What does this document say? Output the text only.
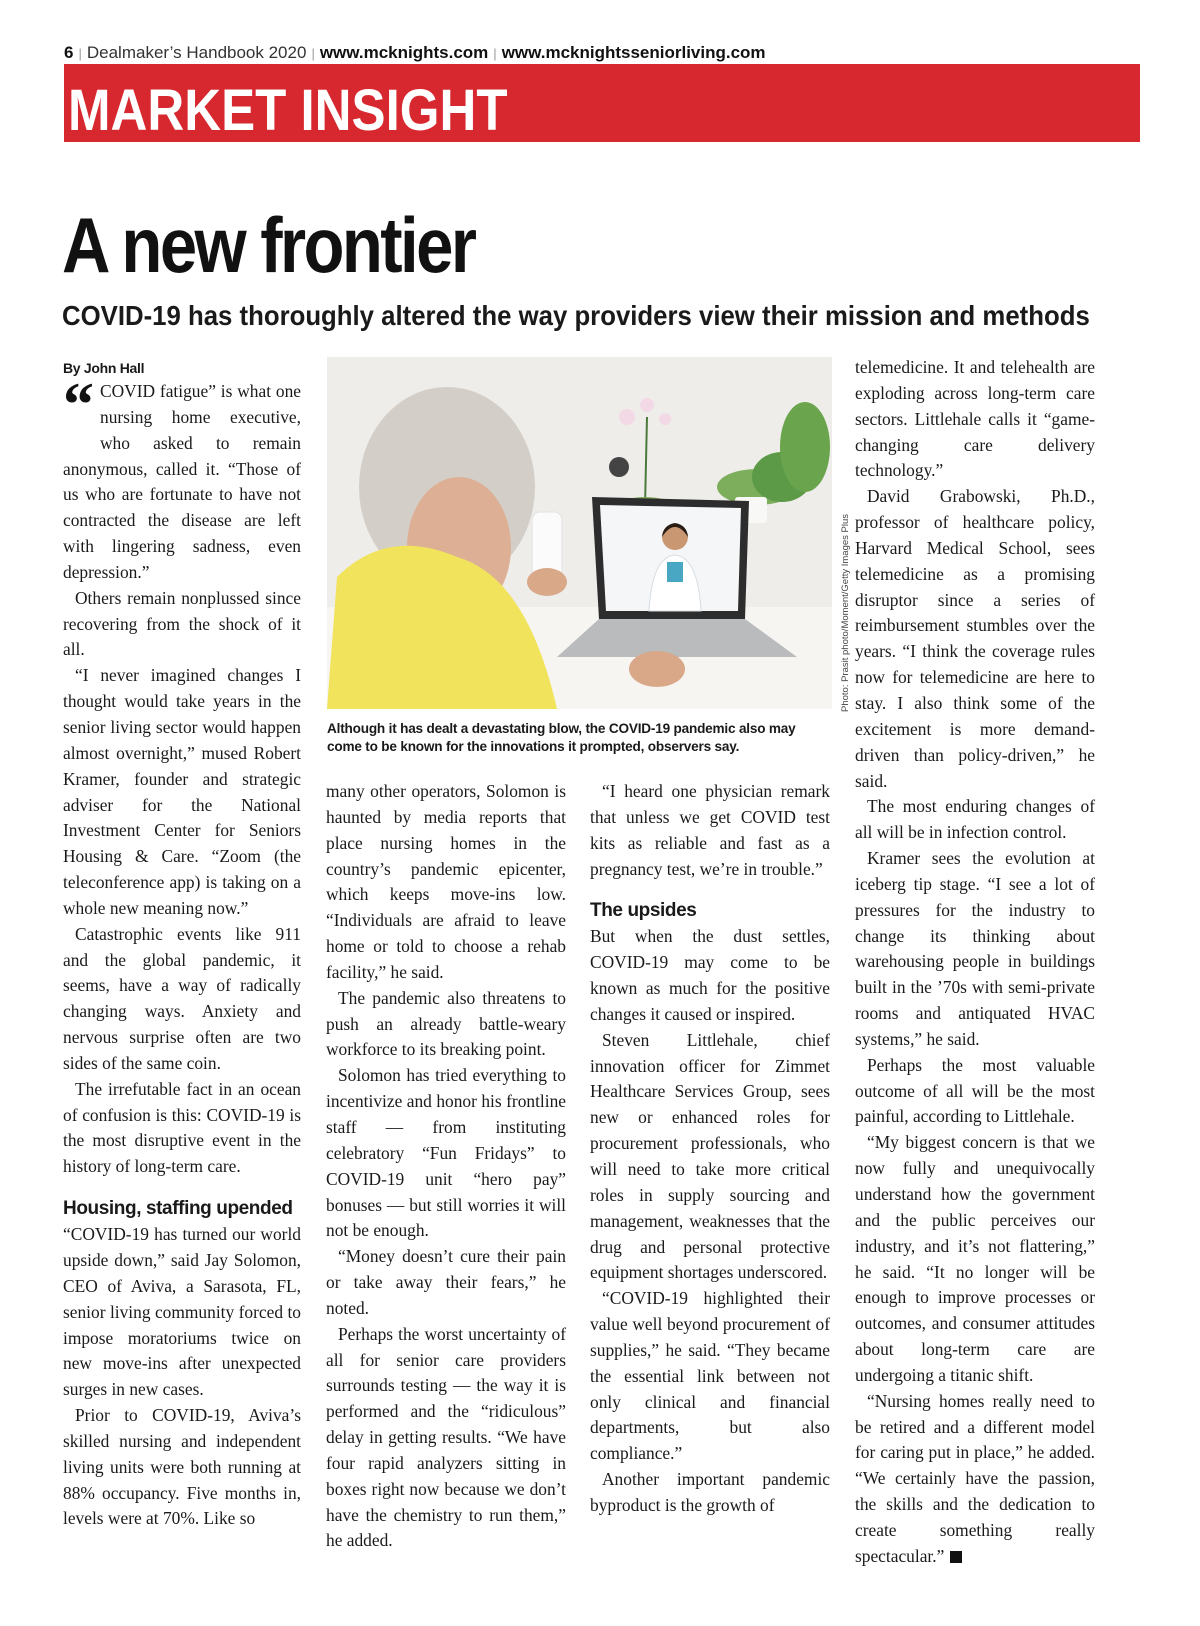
6 | Dealmaker’s Handbook 2020 | www.mcknights.com | www.mcknightsseniorliving.com
MARKET INSIGHT
A new frontier
COVID-19 has thoroughly altered the way providers view their mission and methods
By John Hall

“ COVID fatigue” is what one nursing home executive, who asked to remain anonymous, called it. “Those of us who are fortunate to have not contracted the disease are left with lingering sadness, even depression.”

Others remain nonplussed since recovering from the shock of it all.

“I never imagined changes I thought would take years in the senior living sector would happen almost overnight,” mused Robert Kramer, founder and strategic adviser for the National Investment Center for Seniors Housing & Care. “Zoom (the teleconference app) is taking on a whole new meaning now.”

Catastrophic events like 911 and the global pandemic, it seems, have a way of radically changing ways. Anxiety and nervous surprise often are two sides of the same coin.

The irrefutable fact in an ocean of confusion is this: COVID-19 is the most disruptive event in the history of long-term care.

Housing, staffing upended

“COVID-19 has turned our world upside down,” said Jay Solomon, CEO of Aviva, a Sarasota, FL, senior living community forced to impose moratoriums twice on new move-ins after unexpected surges in new cases.

Prior to COVID-19, Aviva’s skilled nursing and independent living units were both running at 88% occupancy. Five months in, levels were at 70%. Like so

Photo: Prasit photo/Moment/Getty Images Plus
Although it has dealt a devastating blow, the COVID-19 pandemic also may come to be known for the innovations it prompted, observers say.

many other operators, Solomon is haunted by media reports that place nursing homes in the country’s pandemic epicenter, which keeps move-ins low. “Individuals are afraid to leave home or told to choose a rehab facility,” he said.

The pandemic also threatens to push an already battle-weary workforce to its breaking point.

Solomon has tried everything to incentivize and honor his frontline staff — from instituting celebratory “Fun Fridays” to COVID-19 unit “hero pay” bonuses — but still worries it will not be enough.

“Money doesn’t cure their pain or take away their fears,” he noted.

Perhaps the worst uncertainty of all for senior care providers surrounds testing — the way it is performed and the “ridiculous” delay in getting results. “We have four rapid analyzers sitting in boxes right now because we don’t have the chemistry to run them,” he added.

“I heard one physician remark that unless we get COVID test kits as reliable and fast as a pregnancy test, we’re in trouble.”

The upsides

But when the dust settles, COVID-19 may come to be known as much for the positive changes it caused or inspired.

Steven Littlehale, chief innovation officer for Zimmet Healthcare Services Group, sees new or enhanced roles for procurement professionals, who will need to take more critical roles in supply sourcing and management, weaknesses that the drug and personal protective equipment shortages underscored.

“COVID-19 highlighted their value well beyond procurement of supplies,” he said. “They became the essential link between not only clinical and financial departments, but also compliance.”

Another important pandemic byproduct is the growth of

telemedicine. It and telehealth are exploding across long-term care sectors. Littlehale calls it “game-changing care delivery technology.”

David Grabowski, Ph.D., professor of healthcare policy, Harvard Medical School, sees telemedicine as a promising disruptor since a series of reimbursement stumbles over the years. “I think the coverage rules now for telemedicine are here to stay. I also think some of the excitement is more demand-driven than policy-driven,” he said.

The most enduring changes of all will be in infection control.

Kramer sees the evolution at iceberg tip stage. “I see a lot of pressures for the industry to change its thinking about warehousing people in buildings built in the ’70s with semi-private rooms and antiquated HVAC systems,” he said.

Perhaps the most valuable outcome of all will be the most painful, according to Littlehale.

“My biggest concern is that we now fully and unequivocally understand how the government and the public perceives our industry, and it’s not flattering,” he said. “It no longer will be enough to improve processes or outcomes, and consumer attitudes about long-term care are undergoing a titanic shift.

“Nursing homes really need to be retired and a different model for caring put in place,” he added. “We certainly have the passion, the skills and the dedication to create something really spectacular.”
